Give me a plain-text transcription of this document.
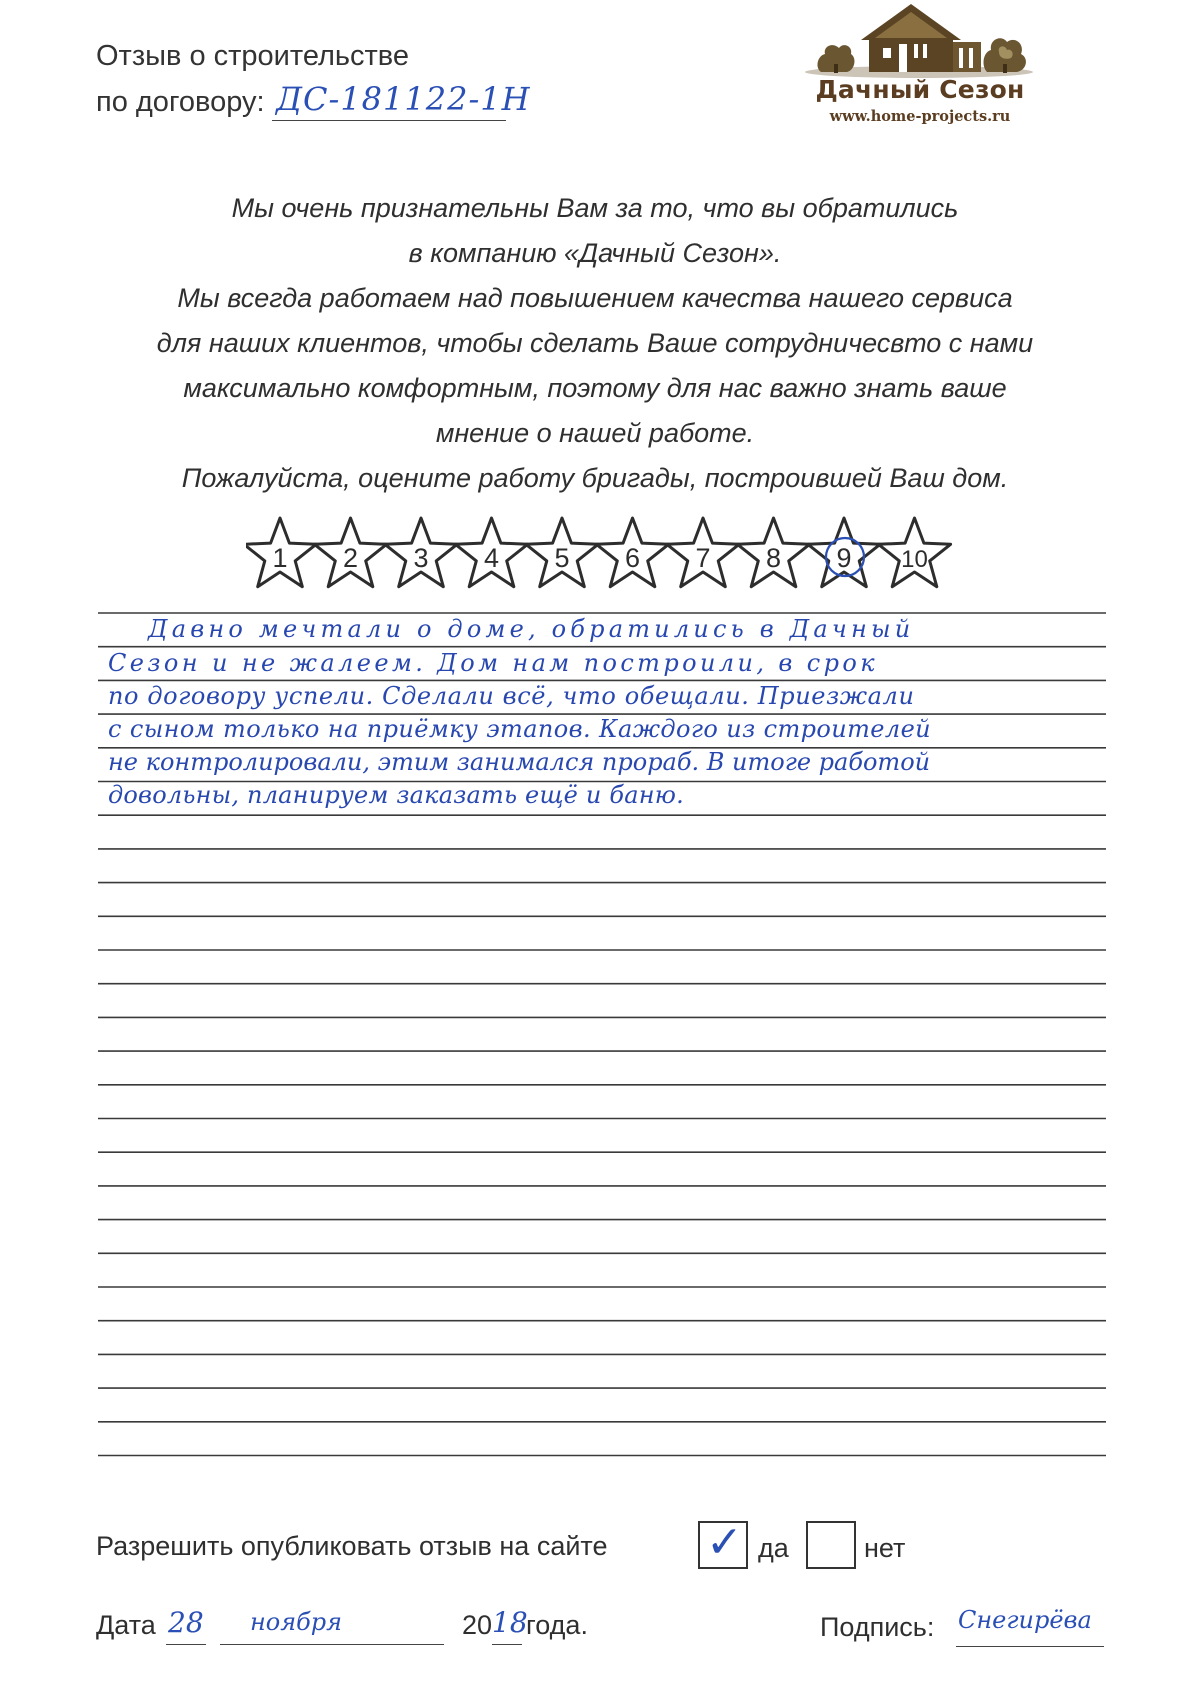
Отзыв о строительстве
по договору: ДС-181122-1Н	Дачный Сезон
www.home-projects.ru
Мы очень признательны Вам за то, что вы обратились
в компанию «Дачный Сезон».
Мы всегда работаем над повышением качества нашего сервиса
для наших клиентов, чтобы сделать Ваше сотрудничесвто с нами
максимально комфортным, поэтому для нас важно знать ваше
мнение о нашей работе.
Пожалуйста, оцените работу бригады, построившей Ваш дом.
1 2 3 4 5 6 7 8 9 10
Давно мечтали о доме, обратились в Дачный
Сезон и не жалеем. Дом нам построили, в срок
по договору успели. Сделали всё, что обещали. Приезжали
с сыном только на приёмку этапов. Каждого из строителей
не контролировали, этим занимался прораб. В итоге работой
довольны, планируем заказать ещё и баню.
Разрешить опубликовать отзыв на сайте ✓ да	нет
Дата 28 ноября	20 18
года.	Подпись: Снегирёва
